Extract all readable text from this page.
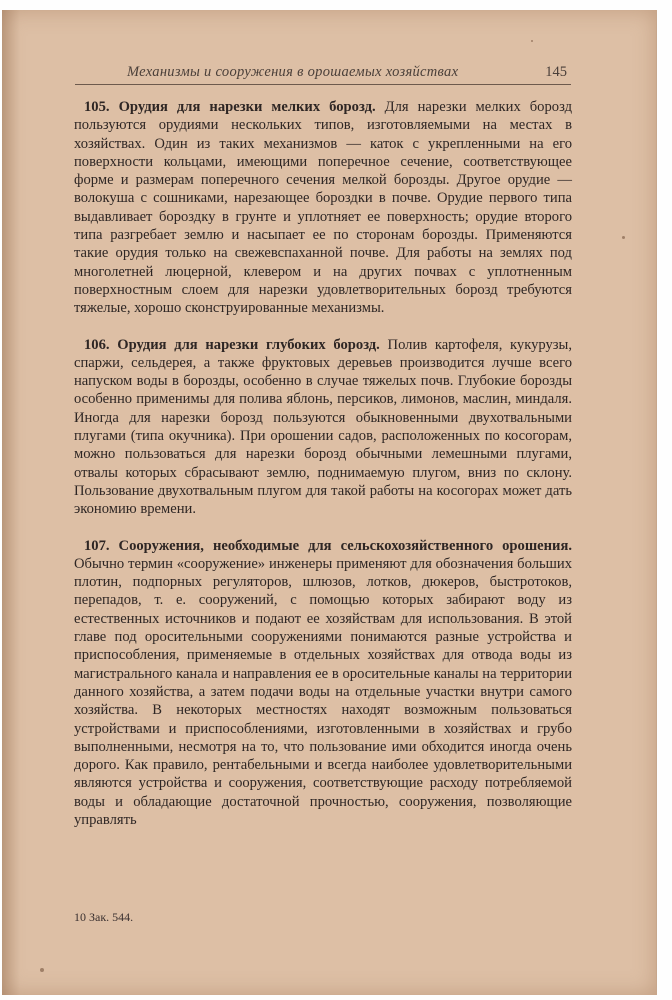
Механизмы и сооружения в орошаемых хозяйствах	145

105. Орудия для нарезки мелких борозд. Для нарезки мелких борозд пользуются орудиями нескольких типов, изготовляемыми на местах в хозяйствах. Один из таких механизмов — каток с укрепленными на его поверхности кольцами, имеющими поперечное сечение, соответствующее форме и размерам поперечного сечения мелкой борозды. Другое орудие — волокуша с сошниками, нарезающее бороздки в почве. Орудие первого типа выдавливает бороздку в грунте и уплотняет ее поверхность; орудие второго типа разгребает землю и насыпает ее по сторонам борозды. Применяются такие орудия только на свежевспаханной почве. Для работы на землях под многолетней люцерной, клевером и на других почвах с уплотненным поверхностным слоем для нарезки удовлетворительных борозд требуются тяжелые, хорошо сконструированные механизмы.

106. Орудия для нарезки глубоких борозд. Полив картофеля, кукурузы, спаржи, сельдерея, а также фруктовых деревьев производится лучше всего напуском воды в борозды, особенно в случае тяжелых почв. Глубокие борозды особенно применимы для полива яблонь, персиков, лимонов, маслин, миндаля. Иногда для нарезки борозд пользуются обыкновенными двухотвальными плугами (типа окучника). При орошении садов, расположенных по косогорам, можно пользоваться для нарезки борозд обычными лемешными плугами, отвалы которых сбрасывают землю, поднимаемую плугом, вниз по склону. Пользование двухотвальным плугом для такой работы на косогорах может дать экономию времени.

107. Сооружения, необходимые для сельскохозяйственного орошения. Обычно термин «сооружение» инженеры применяют для обозначения больших плотин, подпорных регуляторов, шлюзов, лотков, дюкеров, быстротоков, перепадов, т. е. сооружений, с помощью которых забирают воду из естественных источников и подают ее хозяйствам для использования. В этой главе под оросительными сооружениями понимаются разные устройства и приспособления, применяемые в отдельных хозяйствах для отвода воды из магистрального канала и направления ее в оросительные каналы на территории данного хозяйства, а затем подачи воды на отдельные участки внутри самого хозяйства. В некоторых местностях находят возможным пользоваться устройствами и приспособлениями, изготовленными в хозяйствах и грубо выполненными, несмотря на то, что пользование ими обходится иногда очень дорого. Как правило, рентабельными и всегда наиболее удовлетворительными являются устройства и сооружения, соответствующие расходу потребляемой воды и обладающие достаточной прочностью, сооружения, позволяющие управлять

10 Зак. 544.
